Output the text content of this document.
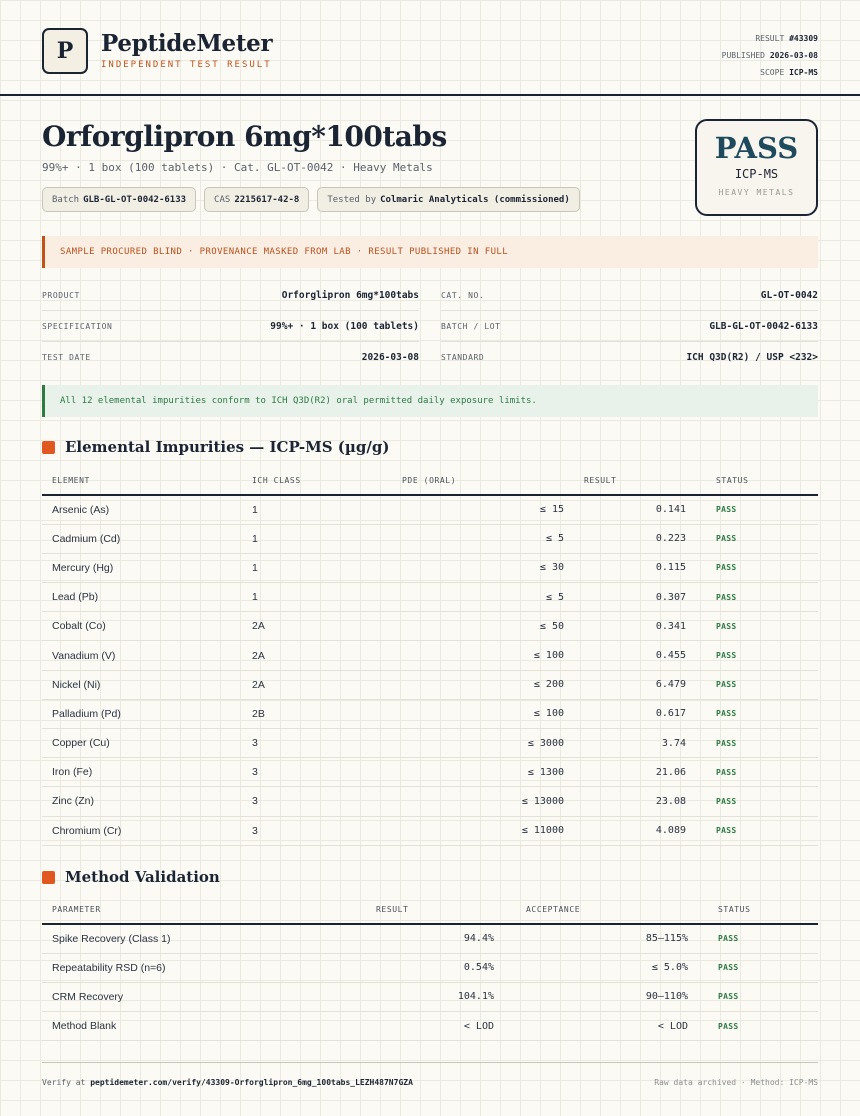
P	PeptideMeter
INDEPENDENT TEST RESULT
RESULT #43309
PUBLISHED 2026-03-08
SCOPE ICP-MS
Orforglipron 6mg*100tabs
99%+ · 1 box (100 tablets) · Cat. GL-OT-0042 · Heavy Metals
Batch GLB-GL-OT-0042-6133	CAS 2215617-42-8	Tested by Colmaric Analyticals (commissioned)
PASS
ICP-MS
HEAVY METALS
SAMPLE PROCURED BLIND · PROVENANCE MASKED FROM LAB · RESULT PUBLISHED IN FULL
PRODUCT	Orforglipron 6mg*100tabs
SPECIFICATION	99%+ · 1 box (100 tablets)
TEST DATE	2026-03-08
CAT. NO.	GL-OT-0042
BATCH / LOT	GLB-GL-OT-0042-6133
STANDARD	ICH Q3D(R2) / USP <232>
All 12 elemental impurities conform to ICH Q3D(R2) oral permitted daily exposure limits.
Elemental Impurities — ICP-MS (µg/g)
ELEMENT	ICH CLASS	PDE (ORAL)	RESULT	STATUS
Arsenic (As)	1	≤ 15	0.141	PASS
Cadmium (Cd)	1	≤ 5	0.223	PASS
Mercury (Hg)	1	≤ 30	0.115	PASS
Lead (Pb)	1	≤ 5	0.307	PASS
Cobalt (Co)	2A	≤ 50	0.341	PASS
Vanadium (V)	2A	≤ 100	0.455	PASS
Nickel (Ni)	2A	≤ 200	6.479	PASS
Palladium (Pd)	2B	≤ 100	0.617	PASS
Copper (Cu)	3	≤ 3000	3.74	PASS
Iron (Fe)	3	≤ 1300	21.06	PASS
Zinc (Zn)	3	≤ 13000	23.08	PASS
Chromium (Cr)	3	≤ 11000	4.089	PASS
Method Validation
PARAMETER	RESULT	ACCEPTANCE	STATUS
Spike Recovery (Class 1)	94.4%	85–115%	PASS
Repeatability RSD (n=6)	0.54%	≤ 5.0%	PASS
CRM Recovery	104.1%	90–110%	PASS
Method Blank	< LOD	< LOD	PASS
Verify at peptidemeter.com/verify/43309-Orforglipron_6mg_100tabs_LEZH487N7GZA	Raw data archived · Method: ICP-MS
